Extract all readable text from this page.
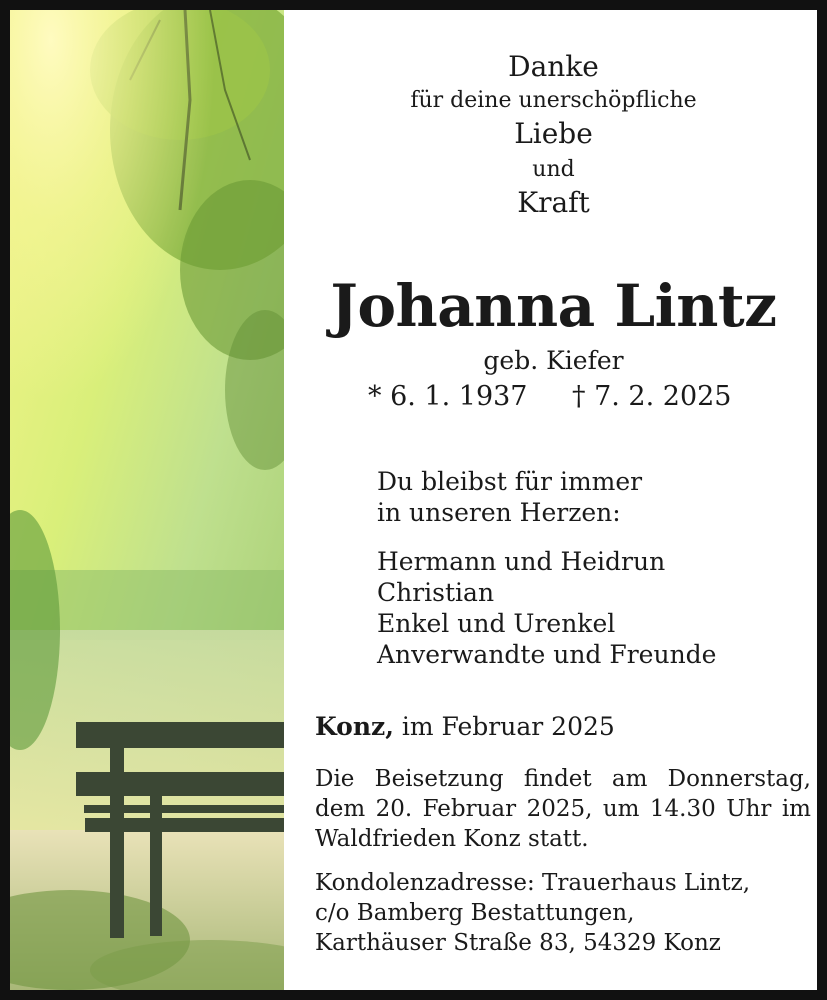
Danke
für deine unerschöpfliche
Liebe
und
Kraft
Johanna Lintz
geb. Kiefer
* 6. 1. 1937 † 7. 2. 2025
Du bleibst für immer
in unseren Herzen:
Hermann und Heidrun
Christian
Enkel und Urenkel
Anverwandte und Freunde
Konz, im Februar 2025
Die Beisetzung findet am Donnerstag,
dem 20. Februar 2025, um 14.30 Uhr im
Waldfrieden Konz statt.
Kondolenzadresse: Trauerhaus Lintz,
c/o Bamberg Bestattungen,
Karthäuser Straße 83, 54329 Konz
